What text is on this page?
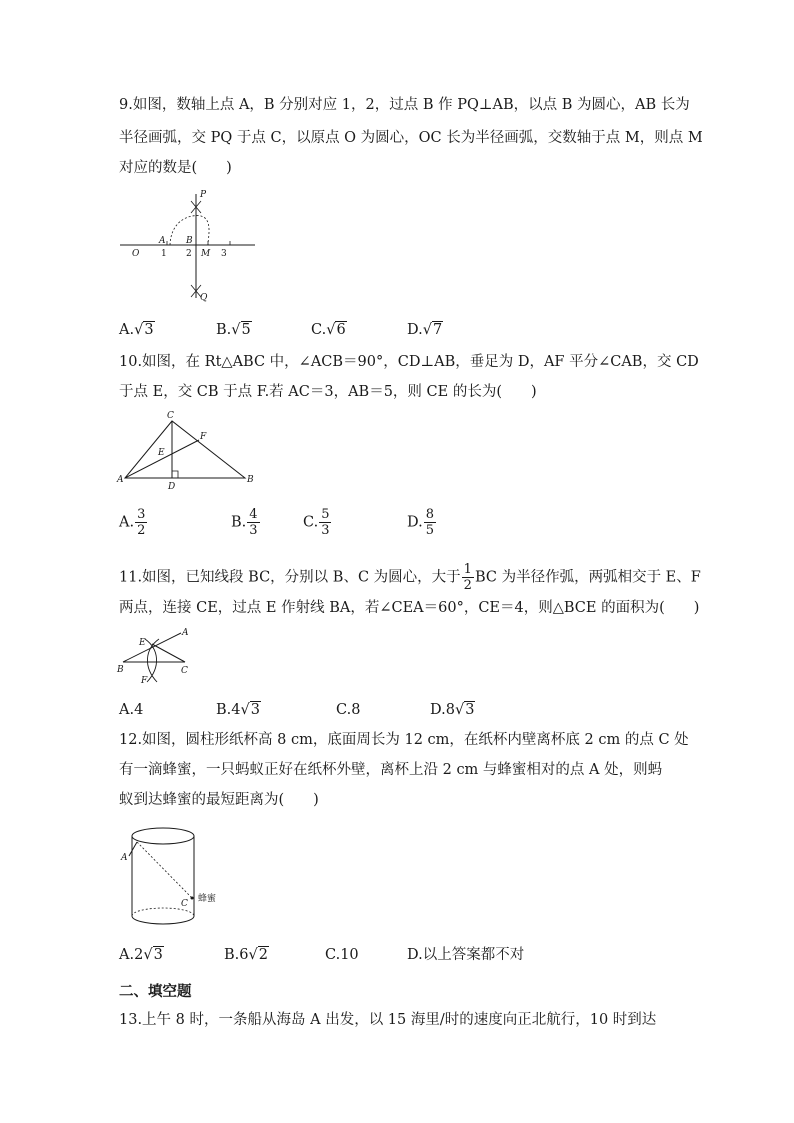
9.如图，数轴上点 A，B 分别对应 1，2，过点 B 作 PQ⊥AB，以点 B 为圆心，AB 长为
半径画弧，交 PQ 于点 C，以原点 O 为圆心，OC 长为半径画弧，交数轴于点 M，则点 M
对应的数是(　　)
P
Q
A B
O 1 2 M 3
A.√3	B.√5	C.√6	D.√7
10.如图，在 Rt△ABC 中，∠ACB＝90°，CD⊥AB，垂足为 D，AF 平分∠CAB，交 CD
于点 E，交 CB 于点 F.若 AC＝3，AB＝5，则 CE 的长为(　　)
C
F
E
A
D
B
A. $\frac{3}{2}$	B. $\frac{4}{3}$	C. $\frac{5}{3}$	D. $\frac{8}{5}$
11.如图，已知线段 BC，分别以 B、C 为圆心，大于 $\frac{1}{2}$ BC 为半径作弧，两弧相交于 E、F
两点，连接 CE，过点 E 作射线 BA，若∠CEA＝60°，CE＝4，则△BCE 的面积为(　　)
E
A
B	C
F
A.4	B.4√3	C.8	D.8√3
12.如图，圆柱形纸杯高 8 cm，底面周长为 12 cm，在纸杯内壁离杯底 2 cm 的点 C 处
有一滴蜂蜜，一只蚂蚁正好在纸杯外壁，离杯上沿 2 cm 与蜂蜜相对的点 A 处，则蚂
蚁到达蜂蜜的最短距离为(　　)
A
C 蜂蜜
A.2√3	B.6√2	C.10	D.以上答案都不对
二、填空题
13.上午 8 时，一条船从海岛 A 出发，以 15 海里/时的速度向正北航行，10 时到达
